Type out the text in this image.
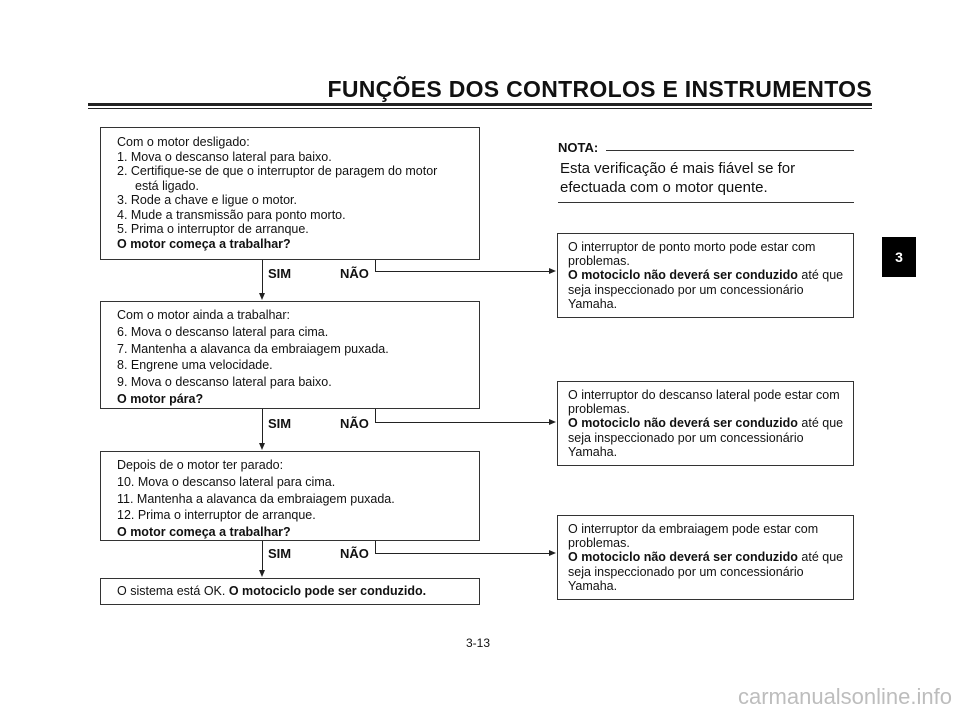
FUNÇÕES DOS CONTROLOS E INSTRUMENTOS
3
NOTA:
Esta verificação é mais fiável se for efectuada com o motor quente.
Com o motor desligado:
1. Mova o descanso lateral para baixo.
2. Certifique-se de que o interruptor de paragem do motor
está ligado.
3. Rode a chave e ligue o motor.
4. Mude a transmissão para ponto morto.
5. Prima o interruptor de arranque.
O motor começa a trabalhar?
SIM	NÃO
O interruptor de ponto morto pode estar com problemas.
O motociclo não deverá ser conduzido até que seja inspeccionado por um concessionário Yamaha.
Com o motor ainda a trabalhar:
6. Mova o descanso lateral para cima.
7. Mantenha a alavanca da embraiagem puxada.
8. Engrene uma velocidade.
9. Mova o descanso lateral para baixo.
O motor pára?
SIM	NÃO
O interruptor do descanso lateral pode estar com problemas.
O motociclo não deverá ser conduzido até que seja inspeccionado por um concessionário Yamaha.
Depois de o motor ter parado:
10. Mova o descanso lateral para cima.
11. Mantenha a alavanca da embraiagem puxada.
12. Prima o interruptor de arranque.
O motor começa a trabalhar?
SIM	NÃO
O interruptor da embraiagem pode estar com problemas.
O motociclo não deverá ser conduzido até que seja inspeccionado por um concessionário Yamaha.
O sistema está OK. O motociclo pode ser conduzido.
3-13
carmanualsonline.info
